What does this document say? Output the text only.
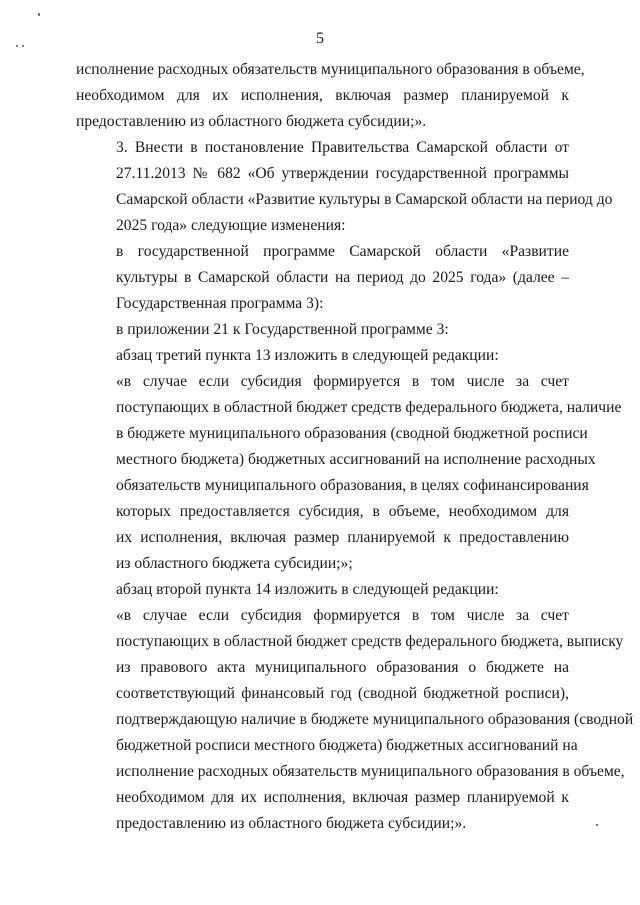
5
исполнение расходных обязательств муниципального образования в объеме,
необходимом для их исполнения, включая размер планируемой к
предоставлению из областного бюджета субсидии;».
3. Внести в постановление Правительства Самарской области от
27.11.2013 № 682 «Об утверждении государственной программы
Самарской области «Развитие культуры в Самарской области на период до
2025 года» следующие изменения:
в государственной программе Самарской области «Развитие
культуры в Самарской области на период до 2025 года» (далее –
Государственная программа 3):
в приложении 21 к Государственной программе 3:
абзац третий пункта 13 изложить в следующей редакции:
«в случае если субсидия формируется в том числе за счет
поступающих в областной бюджет средств федерального бюджета, наличие
в бюджете муниципального образования (сводной бюджетной росписи
местного бюджета) бюджетных ассигнований на исполнение расходных
обязательств муниципального образования, в целях софинансирования
которых предоставляется субсидия, в объеме, необходимом для
их исполнения, включая размер планируемой к предоставлению
из областного бюджета субсидии;»;
абзац второй пункта 14 изложить в следующей редакции:
«в случае если субсидия формируется в том числе за счет
поступающих в областной бюджет средств федерального бюджета, выписку
из правового акта муниципального образования о бюджете на
соответствующий финансовый год (сводной бюджетной росписи),
подтверждающую наличие в бюджете муниципального образования (сводной
бюджетной росписи местного бюджета) бюджетных ассигнований на
исполнение расходных обязательств муниципального образования в объеме,
необходимом для их исполнения, включая размер планируемой к
предоставлению из областного бюджета субсидии;».
